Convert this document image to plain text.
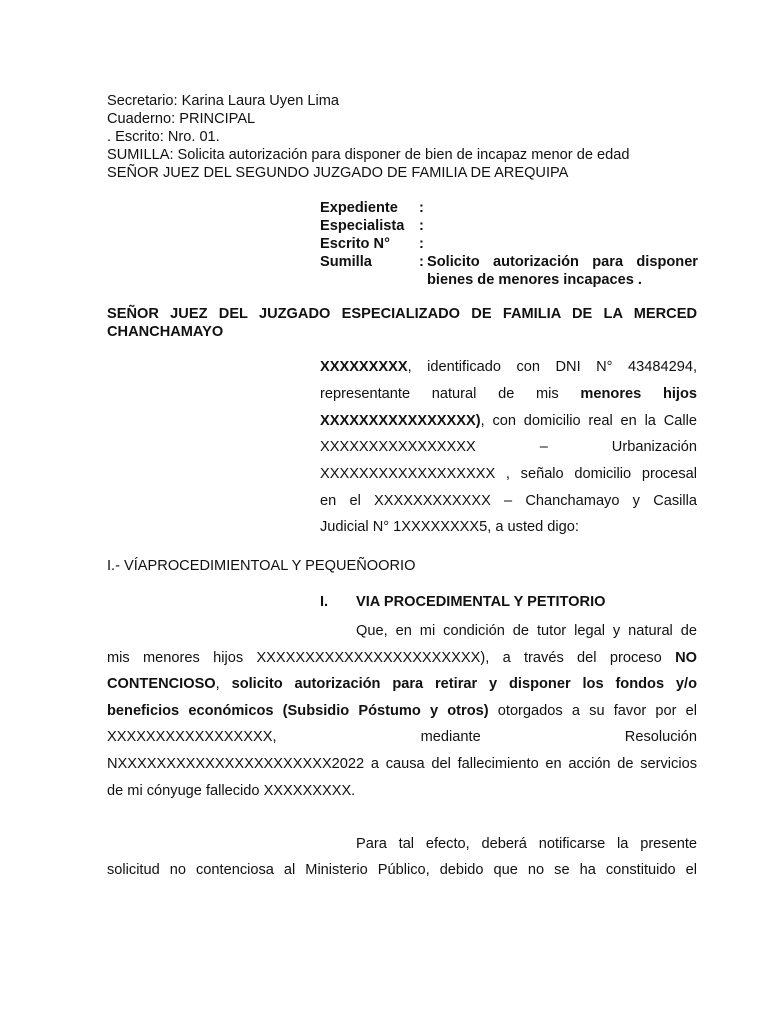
Secretario: Karina Laura Uyen Lima
Cuaderno: PRINCIPAL
. Escrito: Nro. 01.
SUMILLA: Solicita autorización para disponer de bien de incapaz menor de edad
SEÑOR JUEZ DEL SEGUNDO JUZGADO DE FAMILIA DE AREQUIPA
Expediente :
Especialista :
Escrito N° :
Sumilla	: Solicito autorización para disponer
bienes de menores incapaces .
SEÑOR JUEZ DEL JUZGADO ESPECIALIZADO DE FAMILIA DE LA MERCED CHANCHAMAYO
XXXXXXXXX, identificado con DNI N° 43484294,
representante natural de mis menores hijos
XXXXXXXXXXXXXXXX), con domicilio real en la Calle
XXXXXXXXXXXXXXXX – Urbanización
XXXXXXXXXXXXXXXXXX , señalo domicilio procesal
en el XXXXXXXXXXXX – Chanchamayo y Casilla
Judicial N° 1XXXXXXXX5, a usted digo:
I.- VÍAPROCEDIMIENTOAL Y PEQUEÑOORIO
I. VIA PROCEDIMENTAL Y PETITORIO
Que, en mi condición de tutor legal y natural de
mis menores hijos XXXXXXXXXXXXXXXXXXXXXXX), a través del proceso NO
CONTENCIOSO, solicito autorización para retirar y disponer los fondos y/o
beneficios económicos (Subsidio Póstumo y otros) otorgados a su favor por el
XXXXXXXXXXXXXXXXX, mediante Resolución
NXXXXXXXXXXXXXXXXXXXXXX2022 a causa del fallecimiento en acción de servicios
de mi cónyuge fallecido XXXXXXXXX.
Para tal efecto, deberá notificarse la presente
solicitud no contenciosa al Ministerio Público, debido que no se ha constituido el
